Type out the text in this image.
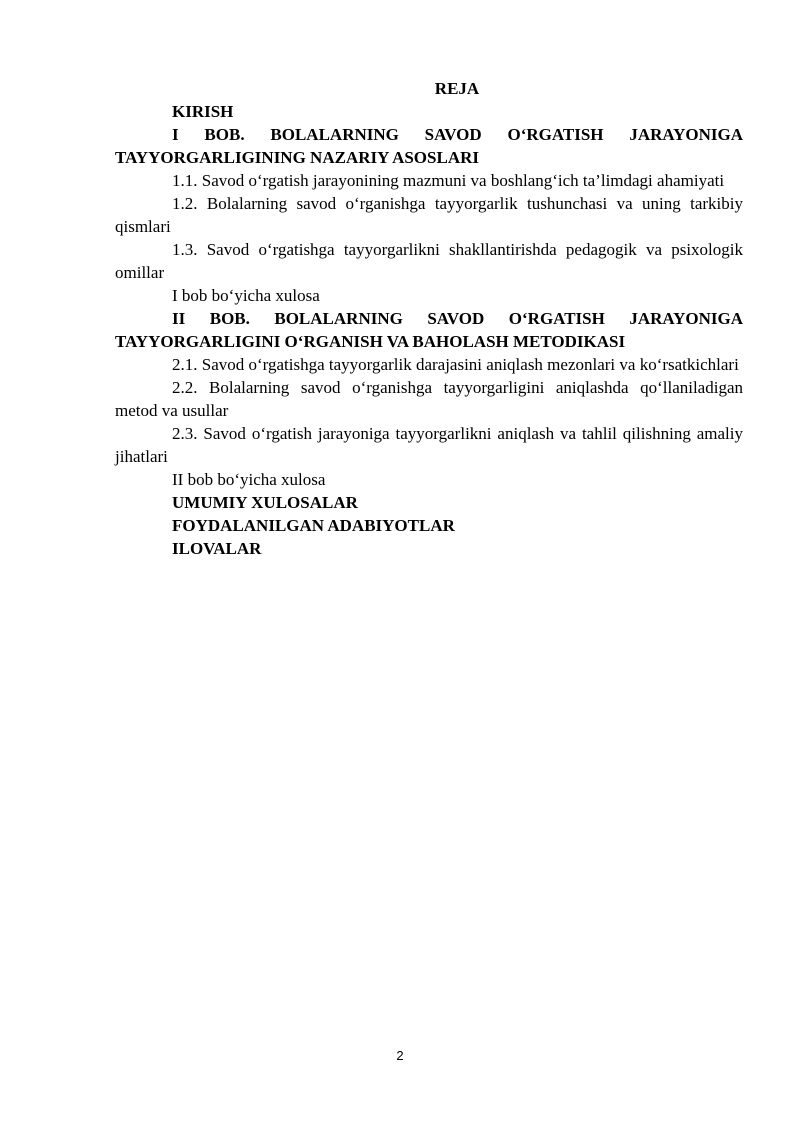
REJA

KIRISH

I BOB. BOLALARNING SAVOD O‘RGATISH JARAYONIGA TAYYORGARLIGINING NAZARIY ASOSLARI

1.1. Savod o‘rgatish jarayonining mazmuni va boshlang‘ich ta’limdagi ahamiyati

1.2. Bolalarning savod o‘rganishga tayyorgarlik tushunchasi va uning tarkibiy qismlari

1.3. Savod o‘rgatishga tayyorgarlikni shakllantirishda pedagogik va psixologik omillar

I bob bo‘yicha xulosa

II BOB. BOLALARNING SAVOD O‘RGATISH JARAYONIGA TAYYORGARLIGINI O‘RGANISH VA BAHOLASH METODIKASI

2.1. Savod o‘rgatishga tayyorgarlik darajasini aniqlash mezonlari va ko‘rsatkichlari

2.2. Bolalarning savod o‘rganishga tayyorgarligini aniqlashda qo‘llaniladigan metod va usullar

2.3. Savod o‘rgatish jarayoniga tayyorgarlikni aniqlash va tahlil qilishning amaliy jihatlari

II bob bo‘yicha xulosa

UMUMIY XULOSALAR

FOYDALANILGAN ADABIYOTLAR

ILOVALAR

2
